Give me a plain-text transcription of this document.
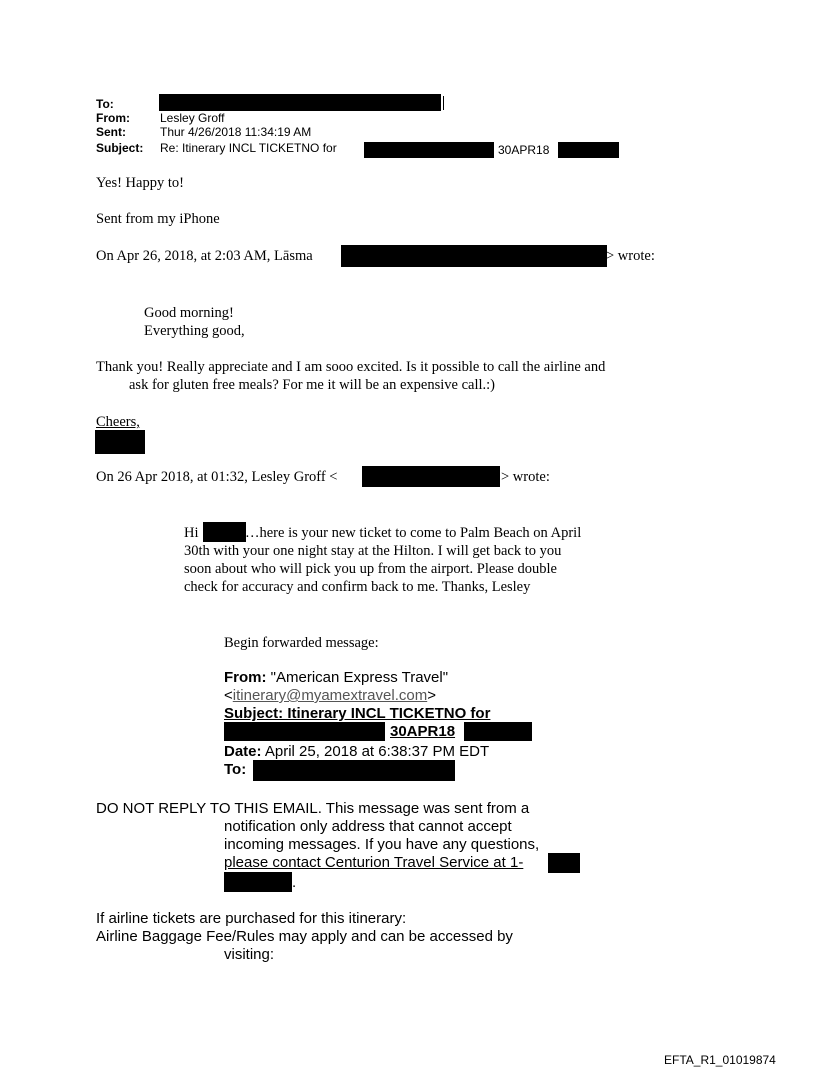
To:
From:	Lesley Groff
Sent:	Thur 4/26/2018 11:34:19 AM
Subject: Re: Itinerary INCL TICKETNO for	30APR18
Yes! Happy to!
Sent from my iPhone
On Apr 26, 2018, at 2:03 AM, Lāsma	> wrote:
Good morning!
Everything good,
Thank you! Really appreciate and I am sooo excited. Is it possible to call the airline and
ask for gluten free meals? For me it will be an expensive call.:)
Cheers,
On 26 Apr 2018, at 01:32, Lesley Groff <	> wrote:
Hi	…here is your new ticket to come to Palm Beach on April
30th with your one night stay at the Hilton. I will get back to you
soon about who will pick you up from the airport. Please double
check for accuracy and confirm back to me. Thanks, Lesley
Begin forwarded message:
From: "American Express Travel"
<itinerary@myamextravel.com>
Subject: Itinerary INCL TICKETNO for
30APR18
Date: April 25, 2018 at 6:38:37 PM EDT
To:
DO NOT REPLY TO THIS EMAIL. This message was sent from a
notification only address that cannot accept
incoming messages. If you have any questions,
please contact Centurion Travel Service at 1-
.
If airline tickets are purchased for this itinerary:
Airline Baggage Fee/Rules may apply and can be accessed by
visiting:
EFTA_R1_01019874
